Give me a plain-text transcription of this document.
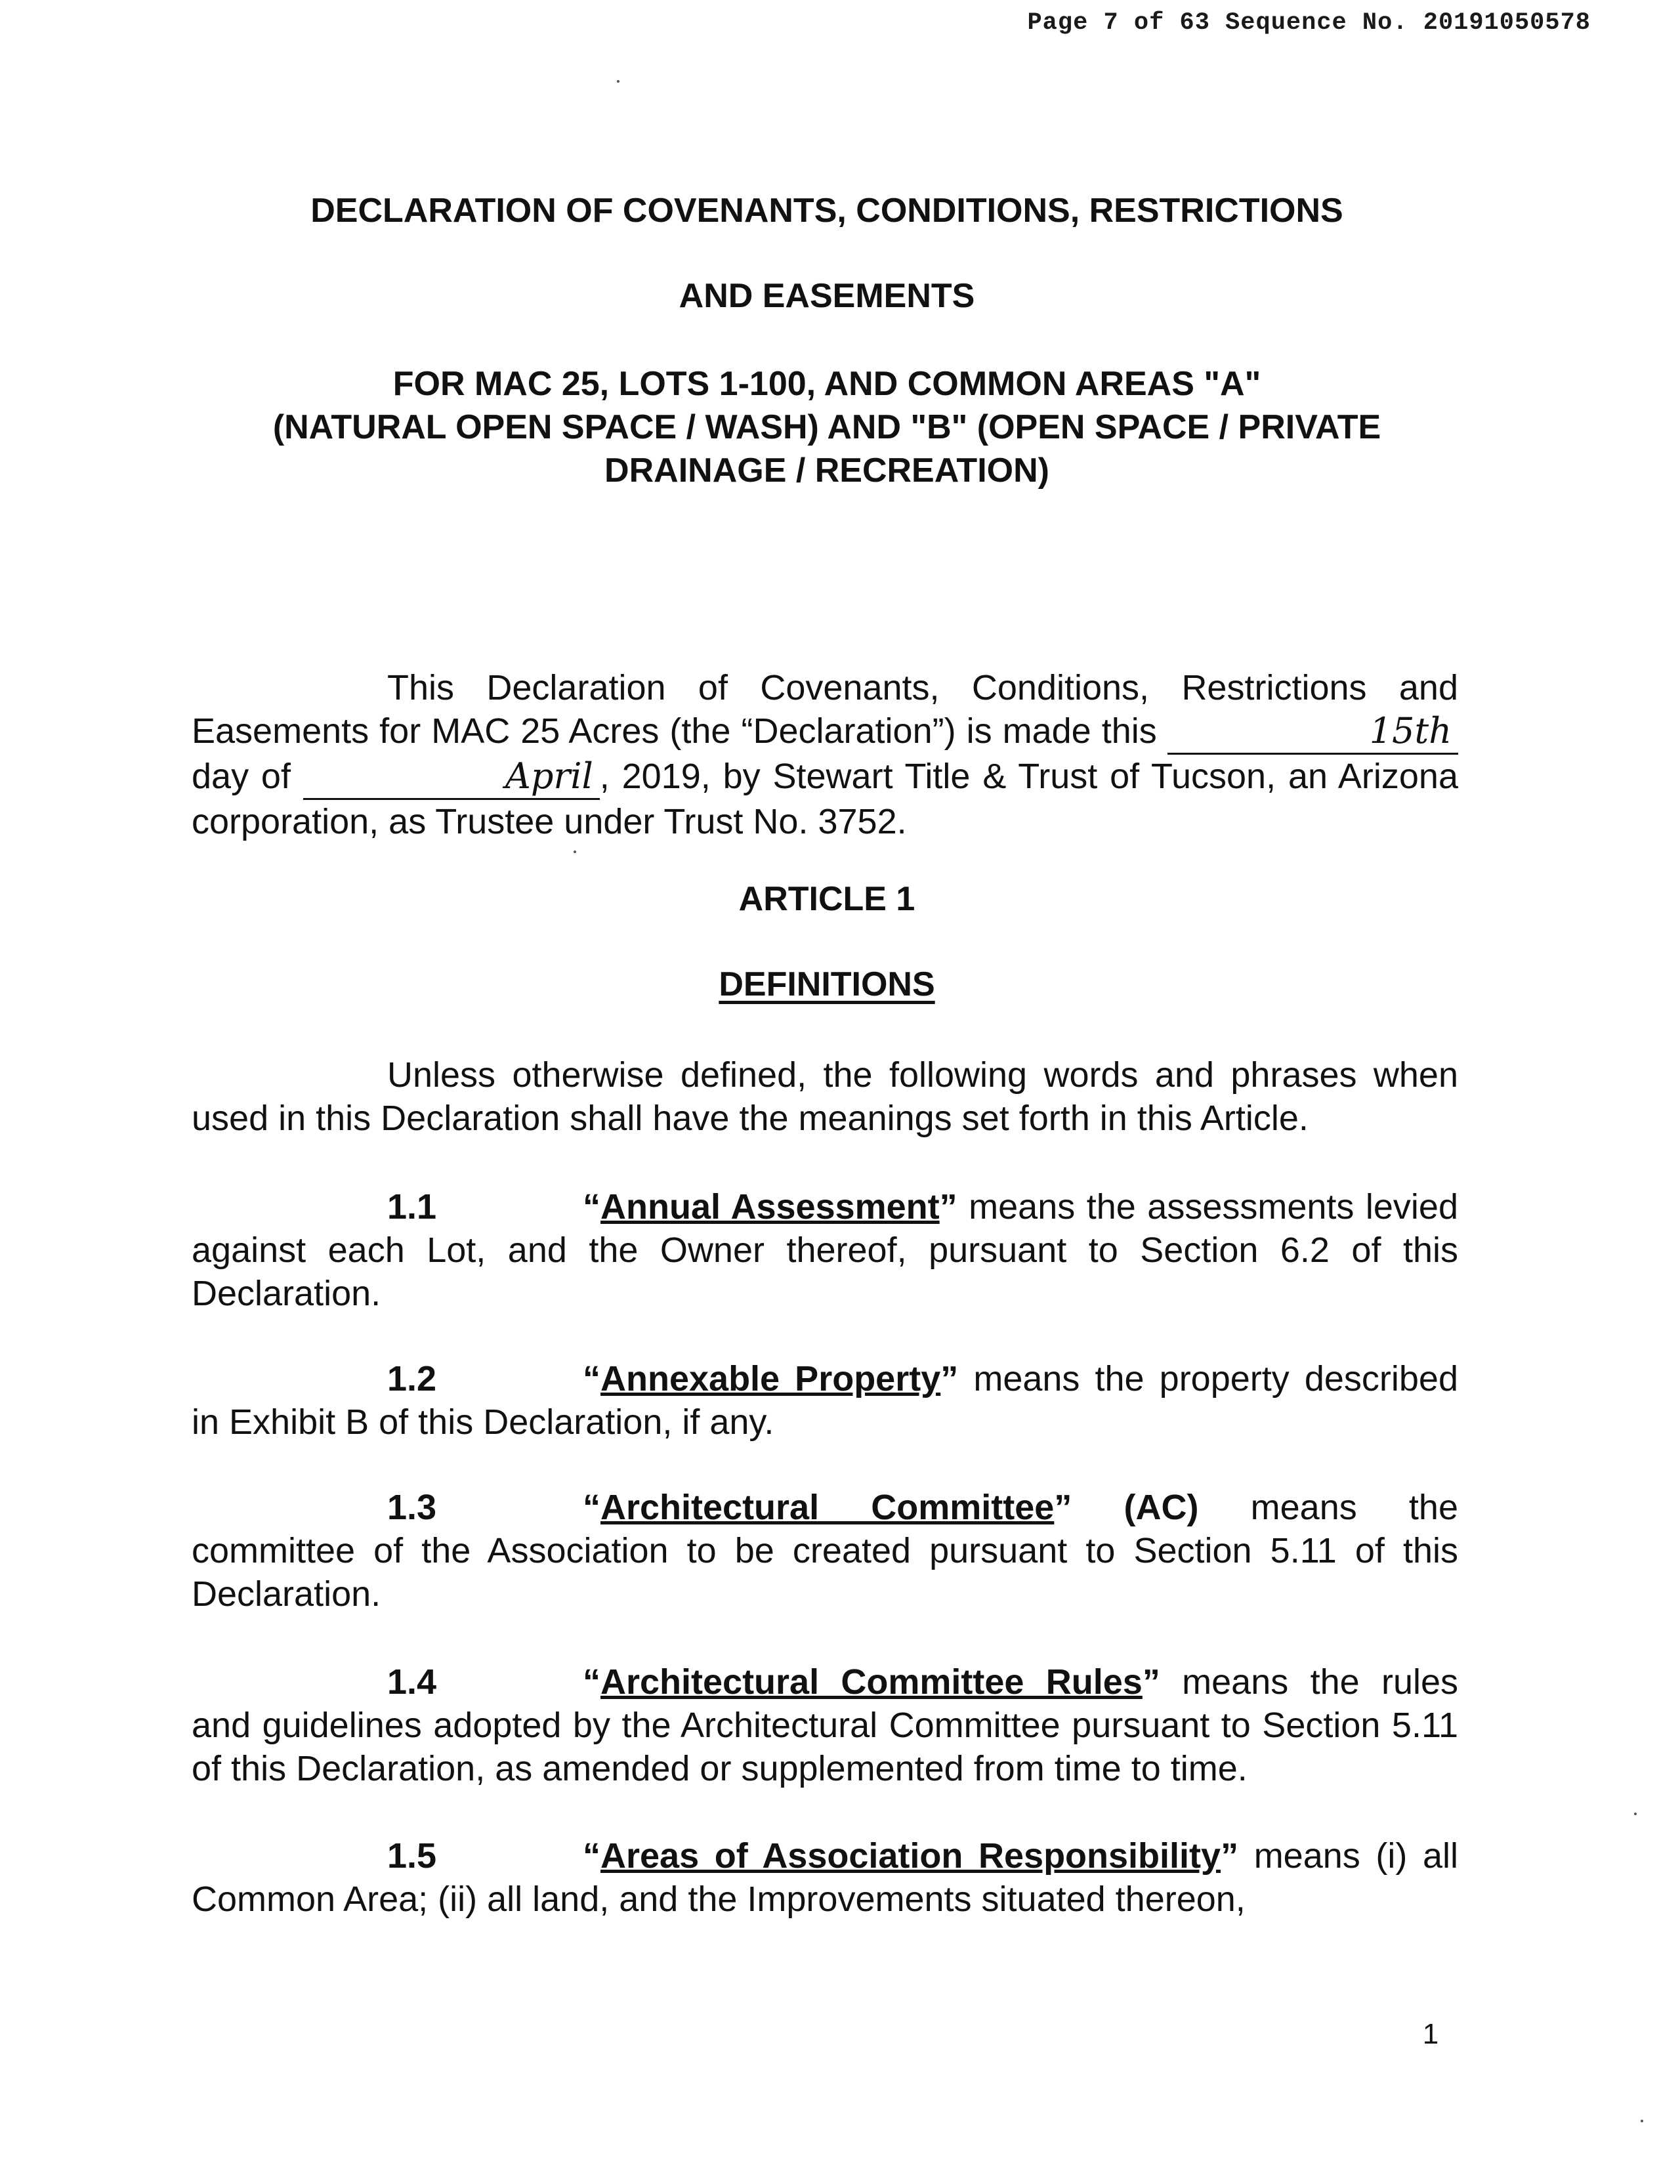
Page 7 of 63 Sequence No. 20191050578
DECLARATION OF COVENANTS, CONDITIONS, RESTRICTIONS
AND EASEMENTS
FOR MAC 25, LOTS 1-100, AND COMMON AREAS "A"
(NATURAL OPEN SPACE / WASH) AND "B" (OPEN SPACE / PRIVATE
DRAINAGE / RECREATION)
This Declaration of Covenants, Conditions, Restrictions and Easements for MAC 25 Acres (the “Declaration”) is made this	15thday of	April , 2019, by Stewart Title & Trust of Tucson, an Arizona corporation, as Trustee under Trust No. 3752.
ARTICLE 1
DEFINITIONS
Unless otherwise defined, the following words and phrases when used in this Declaration shall have the meanings set forth in this Article.
1.1	“Annual Assessment” means the assessments levied against each Lot, and the Owner thereof, pursuant to Section 6.2 of this Declaration.
1.2	“Annexable Property” means the property described in Exhibit B of this Declaration, if any.
1.3	“Architectural Committee” (AC) means the committee of the Association to be created pursuant to Section 5.11 of this Declaration.
1.4	“Architectural Committee Rules” means the rules and guidelines adopted by the Architectural Committee pursuant to Section 5.11 of this Declaration, as amended or supplemented from time to time.
1.5	“Areas of Association Responsibility” means (i) all Common Area; (ii) all land, and the Improvements situated thereon,
1
